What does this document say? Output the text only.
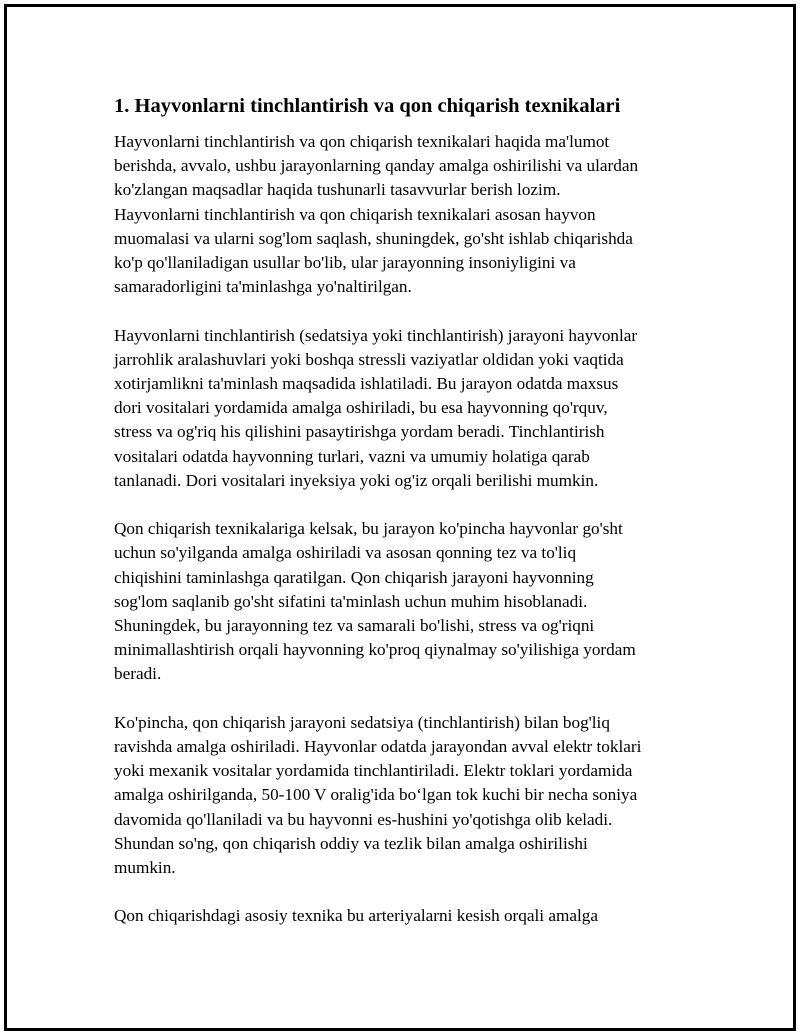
1. Hayvonlarni tinchlantirish va qon chiqarish texnikalari

Hayvonlarni tinchlantirish va qon chiqarish texnikalari haqida ma'lumot
berishda, avvalo, ushbu jarayonlarning qanday amalga oshirilishi va ulardan
ko'zlangan maqsadlar haqida tushunarli tasavvurlar berish lozim.
Hayvonlarni tinchlantirish va qon chiqarish texnikalari asosan hayvon
muomalasi va ularni sog'lom saqlash, shuningdek, go'sht ishlab chiqarishda
ko'p qo'llaniladigan usullar bo'lib, ular jarayonning insoniyligini va
samaradorligini ta'minlashga yo'naltirilgan.

Hayvonlarni tinchlantirish (sedatsiya yoki tinchlantirish) jarayoni hayvonlar
jarrohlik aralashuvlari yoki boshqa stressli vaziyatlar oldidan yoki vaqtida
xotirjamlikni ta'minlash maqsadida ishlatiladi. Bu jarayon odatda maxsus
dori vositalari yordamida amalga oshiriladi, bu esa hayvonning qo'rquv,
stress va og'riq his qilishini pasaytirishga yordam beradi. Tinchlantirish
vositalari odatda hayvonning turlari, vazni va umumiy holatiga qarab
tanlanadi. Dori vositalari inyeksiya yoki og'iz orqali berilishi mumkin.

Qon chiqarish texnikalariga kelsak, bu jarayon ko'pincha hayvonlar go'sht
uchun so'yilganda amalga oshiriladi va asosan qonning tez va to'liq
chiqishini taminlashga qaratilgan. Qon chiqarish jarayoni hayvonning
sog'lom saqlanib go'sht sifatini ta'minlash uchun muhim hisoblanadi.
Shuningdek, bu jarayonning tez va samarali bo'lishi, stress va og'riqni
minimallashtirish orqali hayvonning ko'proq qiynalmay so'yilishiga yordam
beradi.

Ko'pincha, qon chiqarish jarayoni sedatsiya (tinchlantirish) bilan bog'liq
ravishda amalga oshiriladi. Hayvonlar odatda jarayondan avval elektr toklari
yoki mexanik vositalar yordamida tinchlantiriladi. Elektr toklari yordamida
amalga oshirilganda, 50-100 V oralig'ida bo‘lgan tok kuchi bir necha soniya
davomida qo'llaniladi va bu hayvonni es-hushini yo'qotishga olib keladi.
Shundan so'ng, qon chiqarish oddiy va tezlik bilan amalga oshirilishi
mumkin.

Qon chiqarishdagi asosiy texnika bu arteriyalarni kesish orqali amalga
